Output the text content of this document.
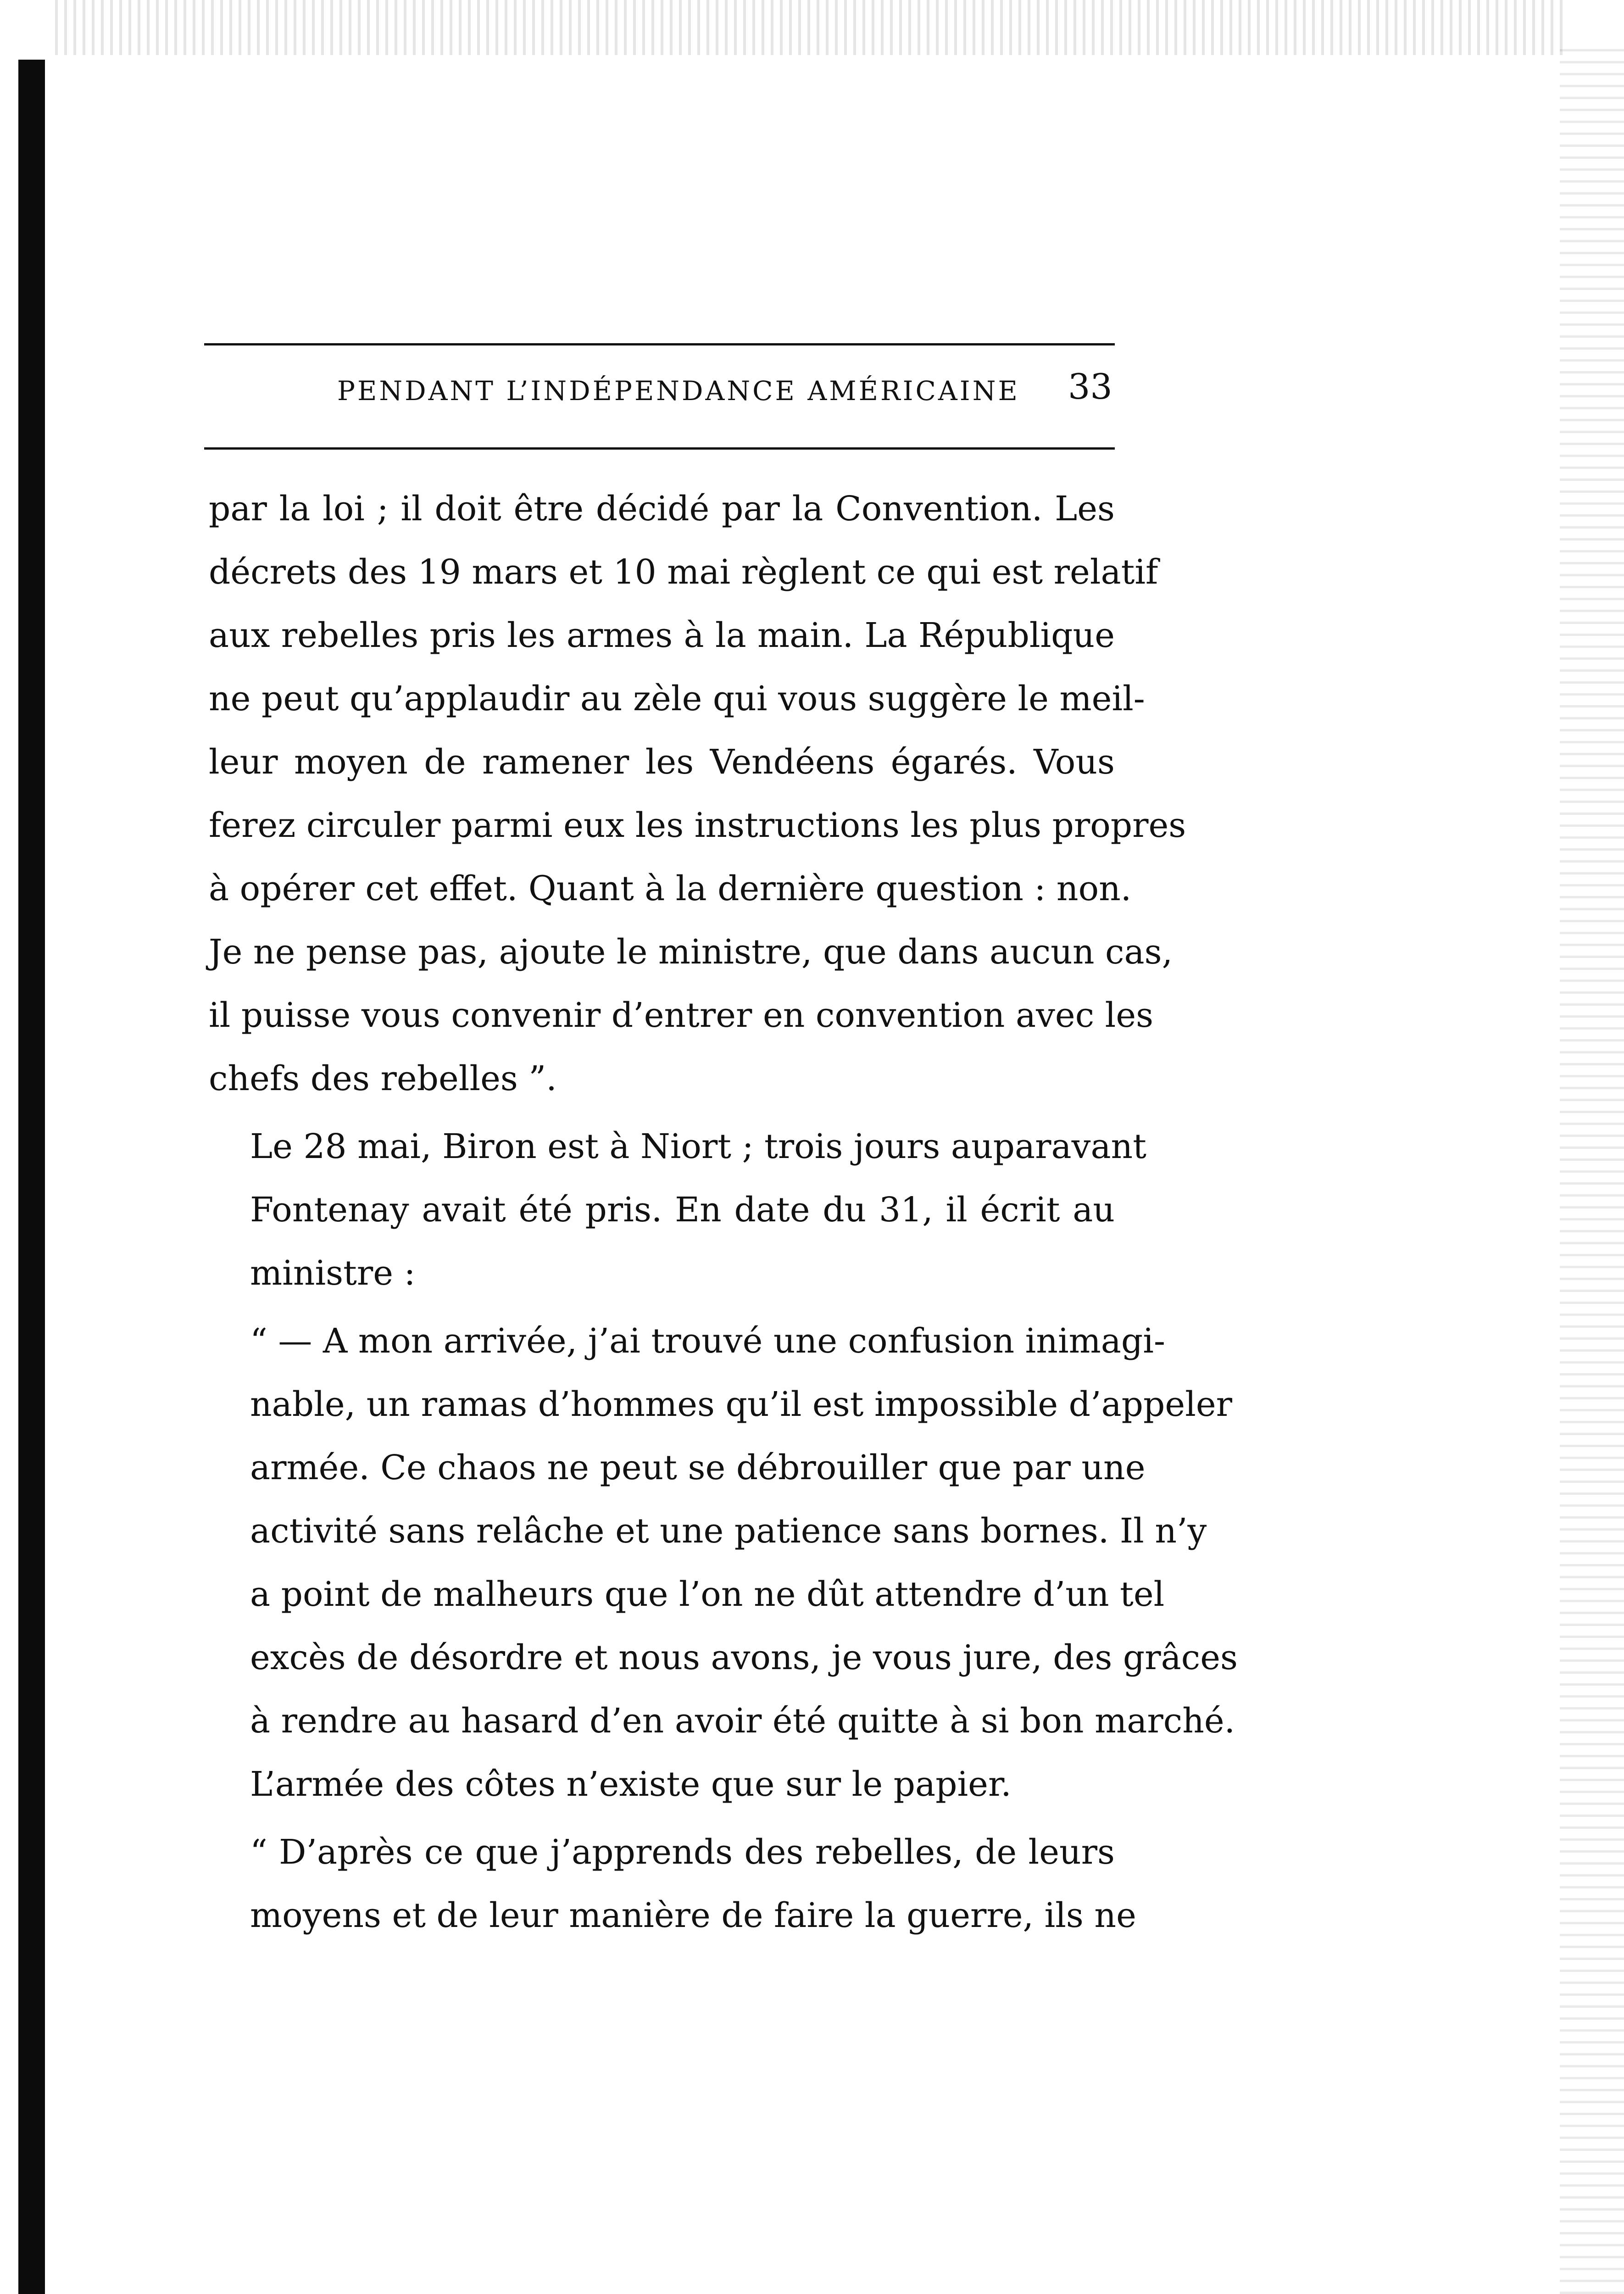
PENDANT L’INDÉPENDANCE AMÉRICAINE 33

par la loi ; il doit être décidé par la Convention. Les
décrets des 19 mars et 10 mai règlent ce qui est relatif
aux rebelles pris les armes à la main. La République
ne peut qu’applaudir au zèle qui vous suggère le meil-
leur moyen de ramener les Vendéens égarés. Vous
ferez circuler parmi eux les instructions les plus propres
à opérer cet effet. Quant à la dernière question : non.
Je ne pense pas, ajoute le ministre, que dans aucun cas,
il puisse vous convenir d’entrer en convention avec les
chefs des rebelles ”.

Le 28 mai, Biron est à Niort ; trois jours auparavant
Fontenay avait été pris. En date du 31, il écrit au
ministre :

“ — A mon arrivée, j’ai trouvé une confusion inimagi-
nable, un ramas d’hommes qu’il est impossible d’appeler
armée. Ce chaos ne peut se débrouiller que par une
activité sans relâche et une patience sans bornes. Il n’y
a point de malheurs que l’on ne dût attendre d’un tel
excès de désordre et nous avons, je vous jure, des grâces
à rendre au hasard d’en avoir été quitte à si bon marché.
L’armée des côtes n’existe que sur le papier.

“ D’après ce que j’apprends des rebelles, de leurs
moyens et de leur manière de faire la guerre, ils ne
